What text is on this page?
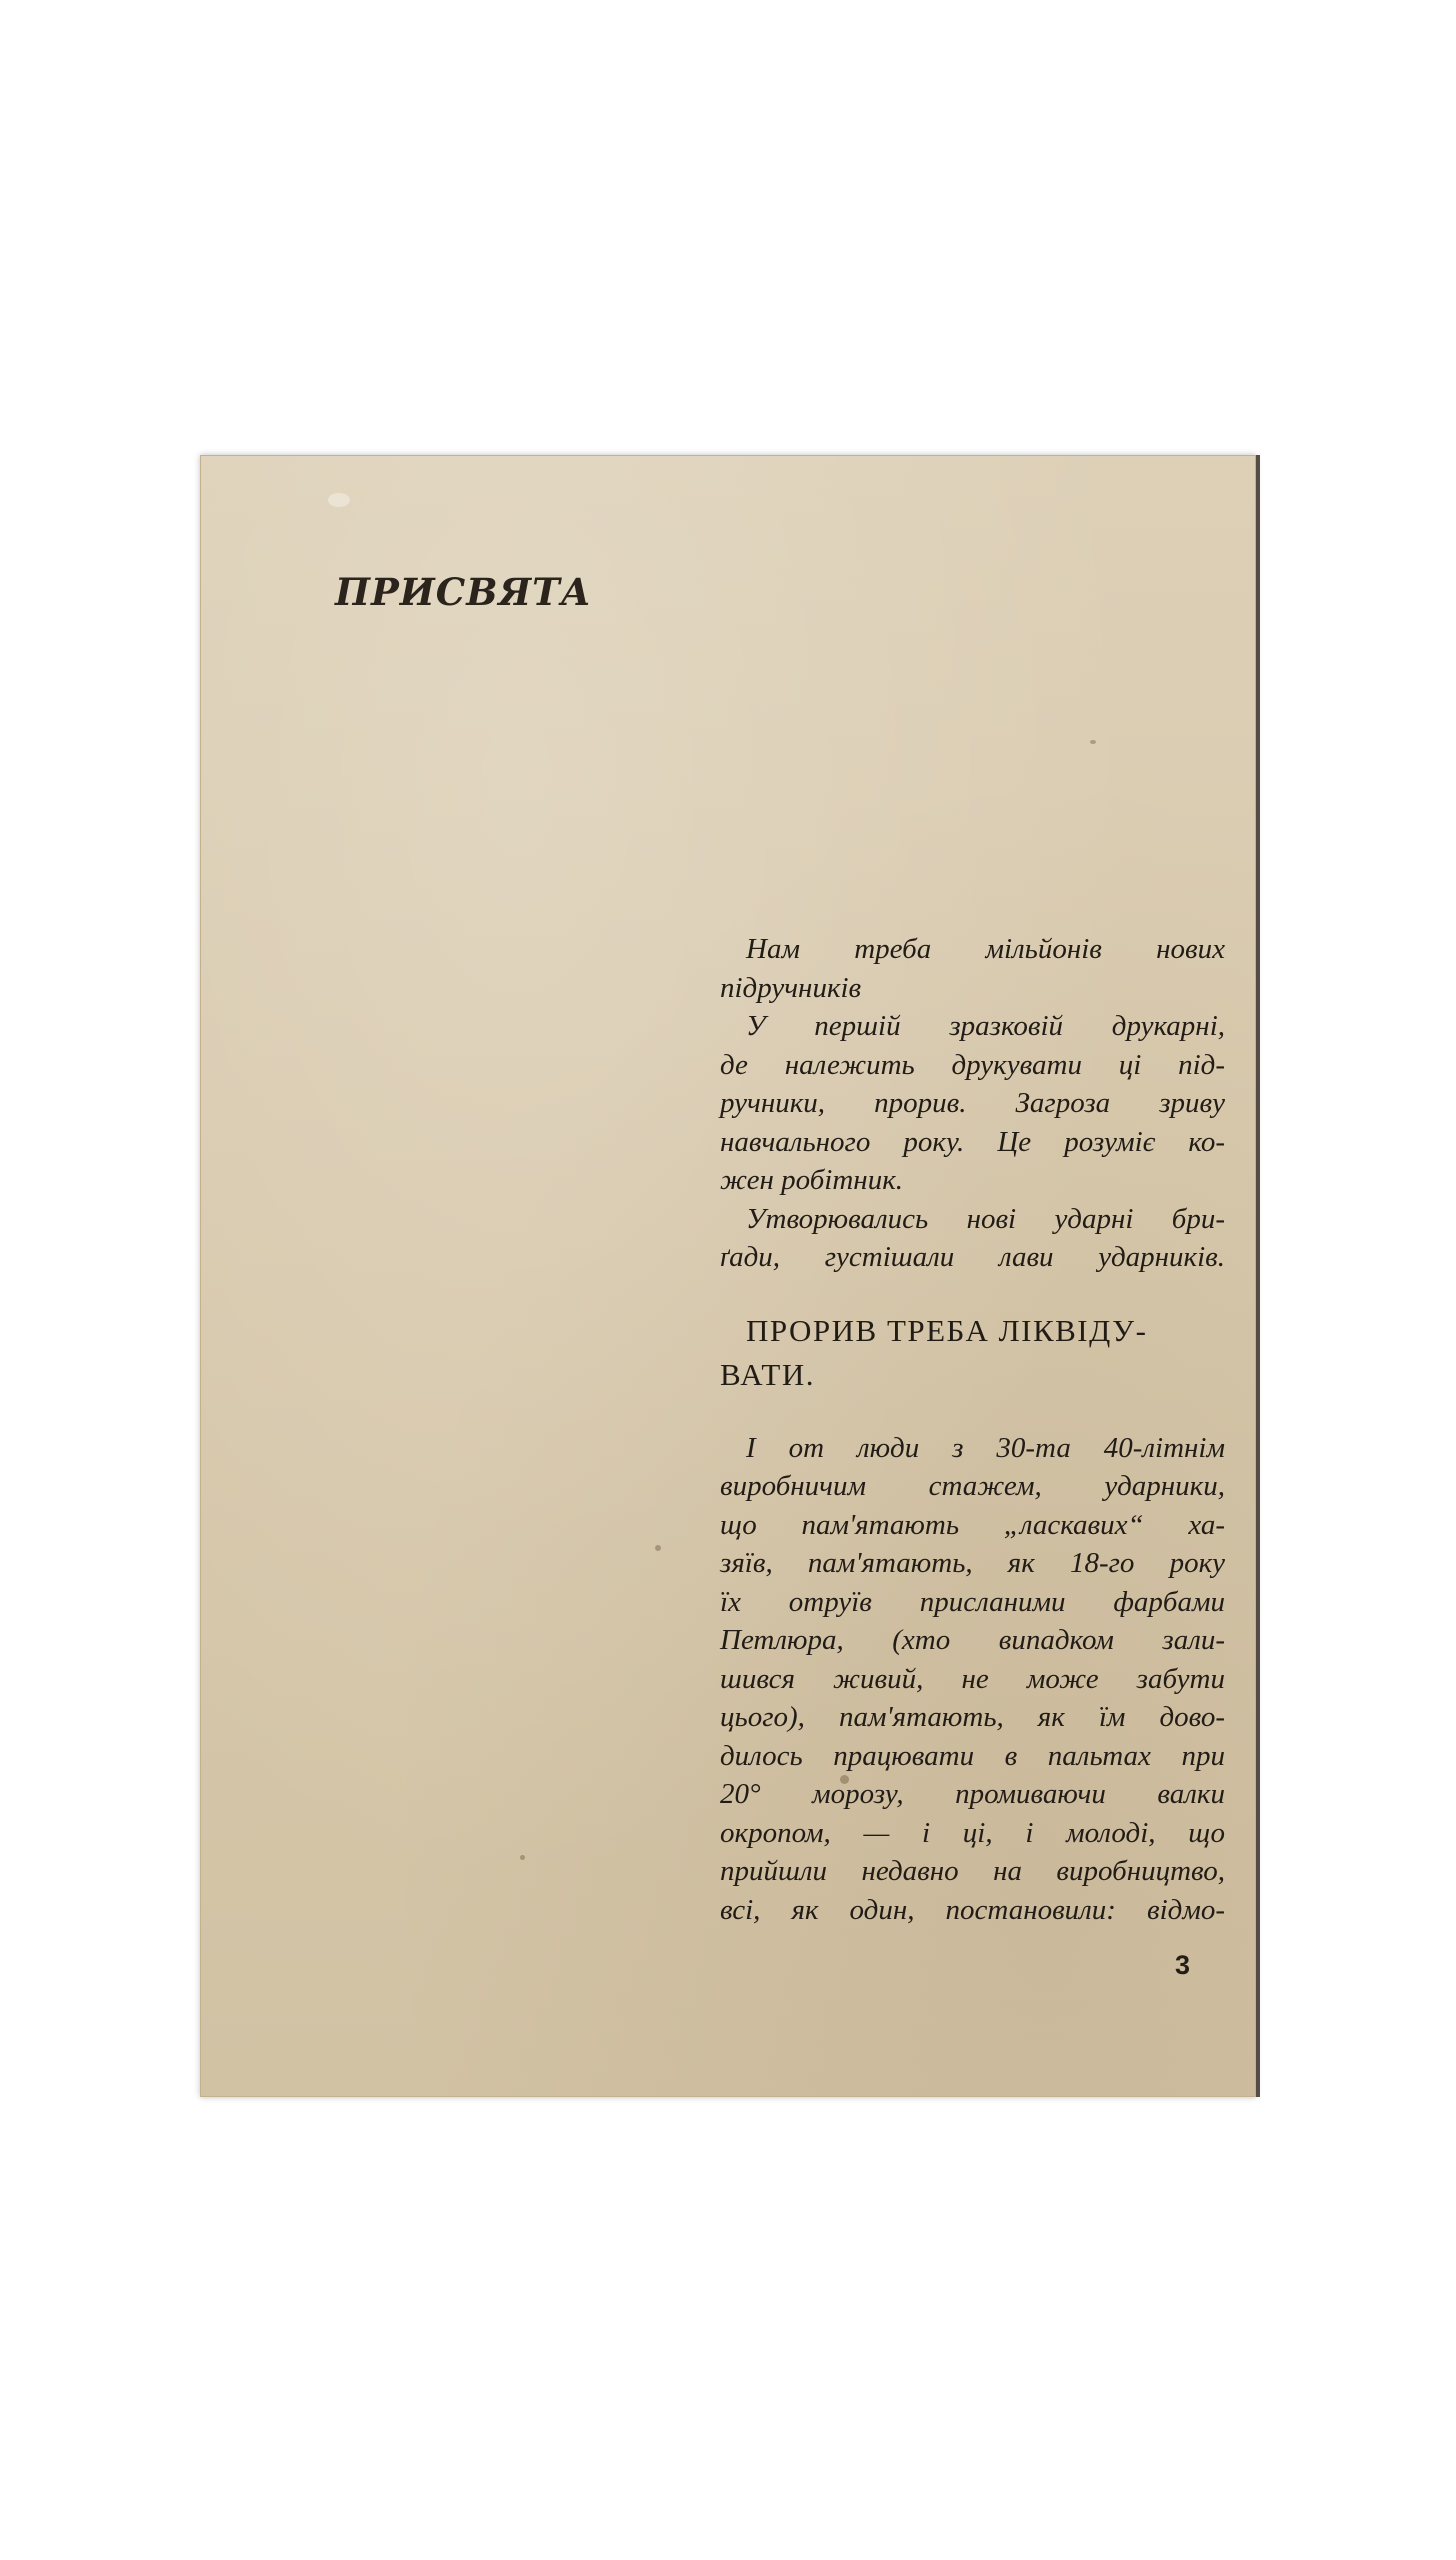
ПРИСВЯТА
Нам треба мільйонів нових
підручників
У першій зразковій друкарні,
де належить друкувати ці під-
ручники, прорив. Загроза зриву
навчального року. Це розуміє ко-
жен робітник.
Утворювались нові ударні бри-
ґади, густішали лави ударників.
ПРОРИВ ТРЕБА ЛІКВІДУ-
ВАТИ.
І от люди з 30-та 40-літнім
виробничим стажем, ударники,
що пам'ятають „ласкавих“ ха-
зяїв, пам'ятають, як 18-го року
їх отруїв присланими фарбами
Петлюра, (хто випадком зали-
шився живий, не може забути
цього), пам'ятають, як їм дово-
дилось працювати в пальтах при
20° морозу, промиваючи валки
окропом, — і ці, і молоді, що
прийшли недавно на виробництво,
всі, як один, постановили: відмо-
3
